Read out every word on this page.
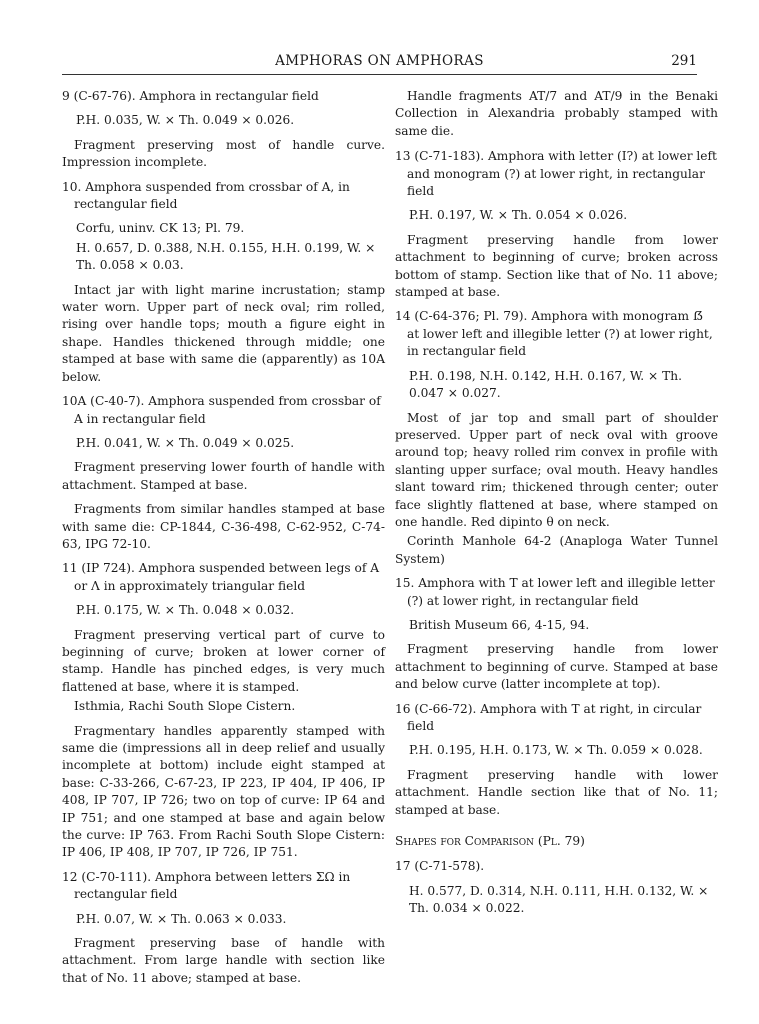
AMPHORAS ON AMPHORAS	291

9 (C-67-76). Amphora in rectangular field

P.H. 0.035, W. × Th. 0.049 × 0.026.

Fragment preserving most of handle curve. Impression incomplete.

10. Amphora suspended from crossbar of A, in rectangular field

Corfu, uninv. CK 13; Pl. 79.

H. 0.657, D. 0.388, N.H. 0.155, H.H. 0.199, W. × Th. 0.058 × 0.03.

Intact jar with light marine incrustation; stamp water worn. Upper part of neck oval; rim rolled, rising over handle tops; mouth a figure eight in shape. Handles thickened through middle; one stamped at base with same die (apparently) as 10A below.

10A (C-40-7). Amphora suspended from crossbar of A in rectangular field

P.H. 0.041, W. × Th. 0.049 × 0.025.

Fragment preserving lower fourth of handle with attachment. Stamped at base.

Fragments from similar handles stamped at base with same die: CP-1844, C-36-498, C-62-952, C-74-63, IPG 72-10.

11 (IP 724). Amphora suspended between legs of A or Λ in approximately triangular field

P.H. 0.175, W. × Th. 0.048 × 0.032.

Fragment preserving vertical part of curve to beginning of curve; broken at lower corner of stamp. Handle has pinched edges, is very much flattened at base, where it is stamped.

Isthmia, Rachi South Slope Cistern.

Fragmentary handles apparently stamped with same die (impressions all in deep relief and usually incomplete at bottom) include eight stamped at base: C-33-266, C-67-23, IP 223, IP 404, IP 406, IP 408, IP 707, IP 726; two on top of curve: IP 64 and IP 751; and one stamped at base and again below the curve: IP 763. From Rachi South Slope Cistern: IP 406, IP 408, IP 707, IP 726, IP 751.

12 (C-70-111). Amphora between letters ΣΩ in rectangular field

P.H. 0.07, W. × Th. 0.063 × 0.033.

Fragment preserving base of handle with attachment. From large handle with section like that of No. 11 above; stamped at base.

Handle fragments AT/7 and AT/9 in the Benaki Collection in Alexandria probably stamped with same die.

13 (C-71-183). Amphora with letter (I?) at lower left and monogram (?) at lower right, in rectangular field

P.H. 0.197, W. × Th. 0.054 × 0.026.

Fragment preserving handle from lower attachment to beginning of curve; broken across bottom of stamp. Section like that of No. 11 above; stamped at base.

14 (C-64-376; Pl. 79). Amphora with monogram ẞ at lower left and illegible letter (?) at lower right, in rectangular field

P.H. 0.198, N.H. 0.142, H.H. 0.167, W. × Th. 0.047 × 0.027.

Most of jar top and small part of shoulder preserved. Upper part of neck oval with groove around top; heavy rolled rim convex in profile with slanting upper surface; oval mouth. Heavy handles slant toward rim; thickened through center; outer face slightly flattened at base, where stamped on one handle. Red dipinto θ on neck.

Corinth Manhole 64-2 (Anaploga Water Tunnel System)

15. Amphora with T at lower left and illegible letter (?) at lower right, in rectangular field

British Museum 66, 4-15, 94.

Fragment preserving handle from lower attachment to beginning of curve. Stamped at base and below curve (latter incomplete at top).

16 (C-66-72). Amphora with T at right, in circular field

P.H. 0.195, H.H. 0.173, W. × Th. 0.059 × 0.028.

Fragment preserving handle with lower attachment. Handle section like that of No. 11; stamped at base.

Shapes for Comparison (Pl. 79)

17 (C-71-578).

H. 0.577, D. 0.314, N.H. 0.111, H.H. 0.132, W. × Th. 0.034 × 0.022.
